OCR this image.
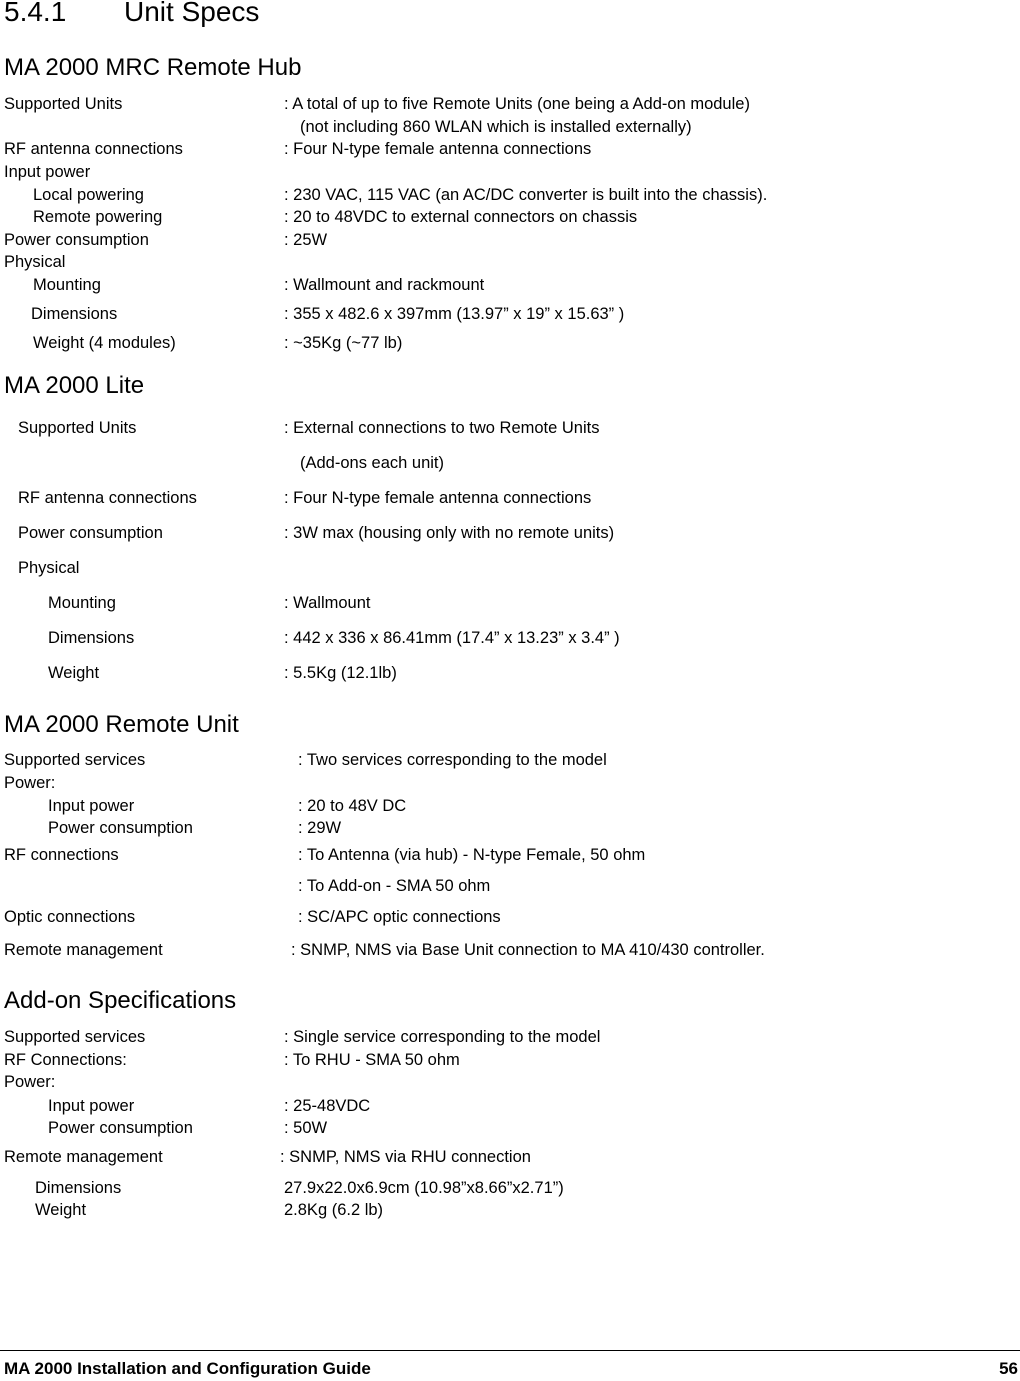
5.4.1 Unit Specs
MA 2000 MRC Remote Hub
Supported Units	: A total of up to five Remote Units (one being a Add-on module)
(not including 860 WLAN which is installed externally)
RF antenna connections	: Four N-type female antenna connections
Input power
Local powering	: 230 VAC, 115 VAC (an AC/DC converter is built into the chassis).
Remote powering	: 20 to 48VDC to external connectors on chassis
Power consumption	: 25W
Physical
Mounting	: Wallmount and rackmount
Dimensions	: 355 x 482.6 x 397mm (13.97” x 19” x 15.63” )
Weight (4 modules)	: ~35Kg (~77 lb)
MA 2000 Lite
Supported Units	: External connections to two Remote Units
(Add-ons each unit)
RF antenna connections	: Four N-type female antenna connections
Power consumption	: 3W max (housing only with no remote units)
Physical
Mounting	: Wallmount
Dimensions	: 442 x 336 x 86.41mm (17.4” x 13.23” x 3.4” )
Weight	: 5.5Kg (12.1lb)
MA 2000 Remote Unit
Supported services	: Two services corresponding to the model
Power:
Input power	: 20 to 48V DC
Power consumption	: 29W
RF connections	: To Antenna (via hub) - N-type Female, 50 ohm
: To Add-on - SMA 50 ohm
Optic connections	: SC/APC optic connections
Remote management	: SNMP, NMS via Base Unit connection to MA 410/430 controller.
Add-on Specifications
Supported services	: Single service corresponding to the model
RF Connections:	: To RHU - SMA 50 ohm
Power:
Input power	: 25-48VDC
Power consumption	: 50W
Remote management	: SNMP, NMS via RHU connection
Dimensions	27.9x22.0x6.9cm (10.98”x8.66”x2.71”)
Weight	2.8Kg (6.2 lb)
MA 2000 Installation and Configuration Guide	56
